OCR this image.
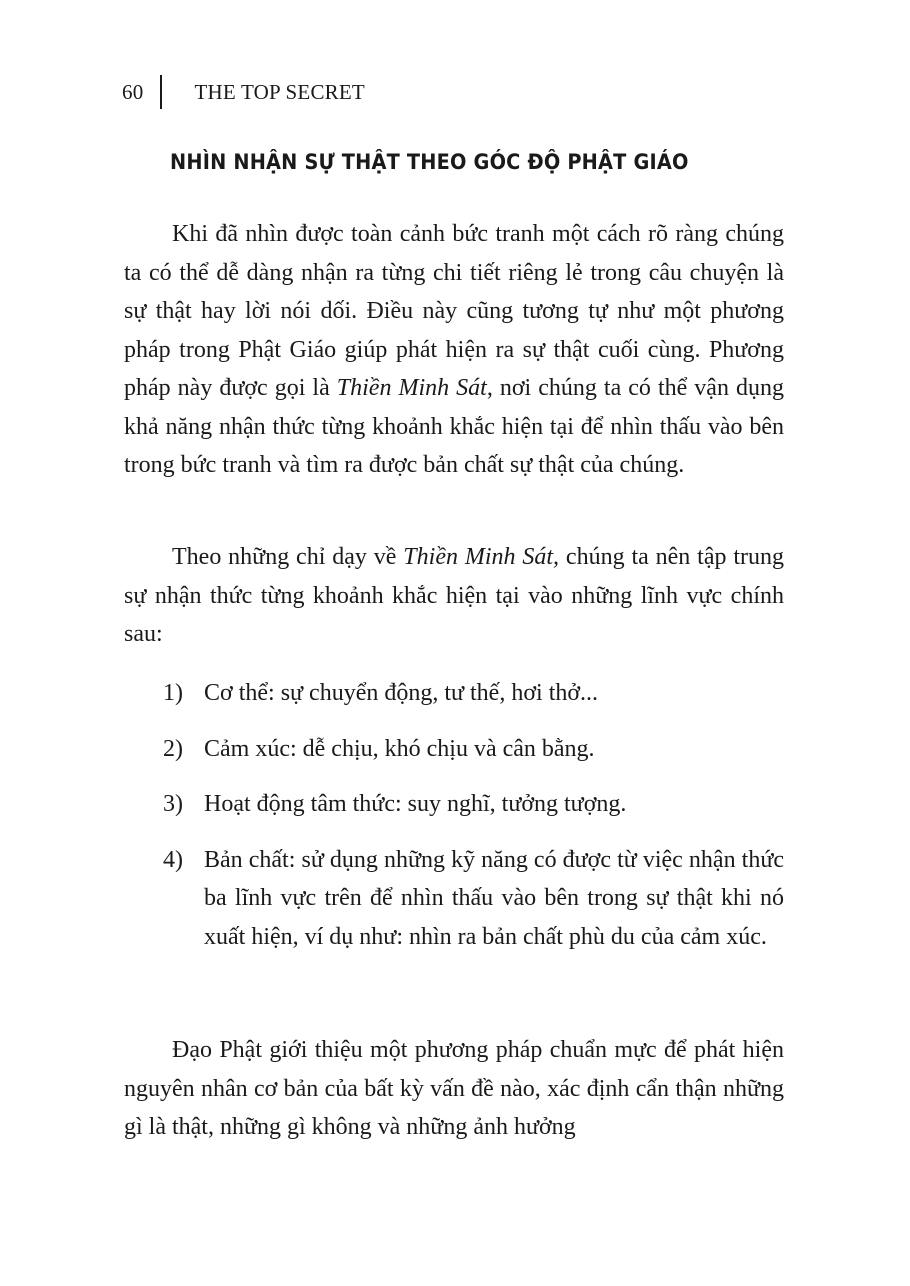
60	THE TOP SECRET
NHÌN NHẬN SỰ THẬT THEO GÓC ĐỘ PHẬT GIÁO

Khi đã nhìn được toàn cảnh bức tranh một cách rõ ràng chúng ta có thể dễ dàng nhận ra từng chi tiết riêng lẻ trong câu chuyện là sự thật hay lời nói dối. Điều này cũng tương tự như một phương pháp trong Phật Giáo giúp phát hiện ra sự thật cuối cùng. Phương pháp này được gọi là Thiền Minh Sát, nơi chúng ta có thể vận dụng khả năng nhận thức từng khoảnh khắc hiện tại để nhìn thấu vào bên trong bức tranh và tìm ra được bản chất sự thật của chúng.

Theo những chỉ dạy về Thiền Minh Sát, chúng ta nên tập trung sự nhận thức từng khoảnh khắc hiện tại vào những lĩnh vực chính sau:

1) Cơ thể: sự chuyển động, tư thế, hơi thở...
2) Cảm xúc: dễ chịu, khó chịu và cân bằng.
3) Hoạt động tâm thức: suy nghĩ, tưởng tượng.
4) Bản chất: sử dụng những kỹ năng có được từ việc nhận thức ba lĩnh vực trên để nhìn thấu vào bên trong sự thật khi nó xuất hiện, ví dụ như: nhìn ra bản chất phù du của cảm xúc.

Đạo Phật giới thiệu một phương pháp chuẩn mực để phát hiện nguyên nhân cơ bản của bất kỳ vấn đề nào, xác định cẩn thận những gì là thật, những gì không và những ảnh hưởng
